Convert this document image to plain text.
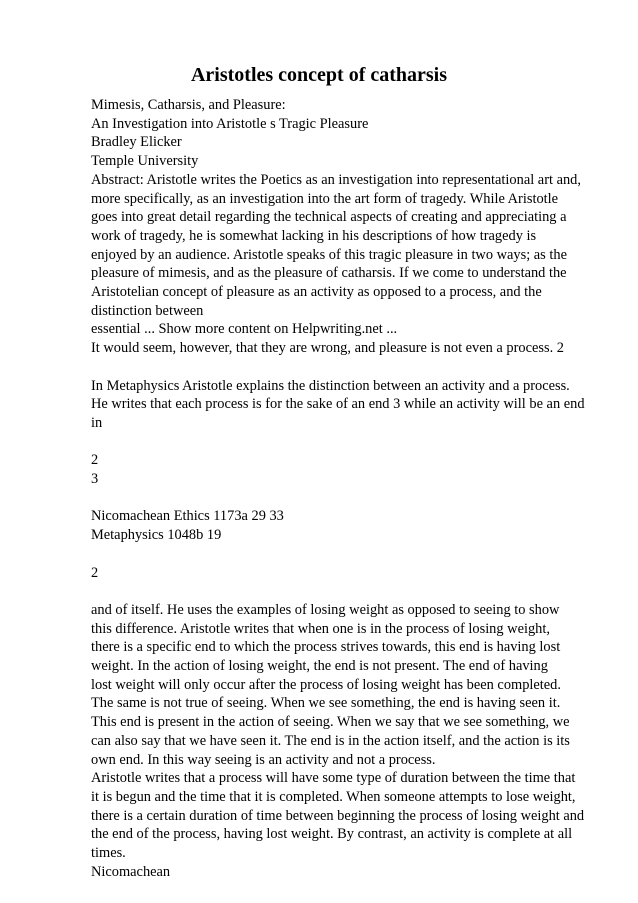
Aristotles concept of catharsis
Mimesis, Catharsis, and Pleasure:
An Investigation into Aristotle s Tragic Pleasure
Bradley Elicker
Temple University
Abstract: Aristotle writes the Poetics as an investigation into representational art and,
more specifically, as an investigation into the art form of tragedy. While Aristotle
goes into great detail regarding the technical aspects of creating and appreciating a
work of tragedy, he is somewhat lacking in his descriptions of how tragedy is
enjoyed by an audience. Aristotle speaks of this tragic pleasure in two ways; as the
pleasure of mimesis, and as the pleasure of catharsis. If we come to understand the
Aristotelian concept of pleasure as an activity as opposed to a process, and the
distinction between
essential ... Show more content on Helpwriting.net ...
It would seem, however, that they are wrong, and pleasure is not even a process. 2
In Metaphysics Aristotle explains the distinction between an activity and a process.
He writes that each process is for the sake of an end 3 while an activity will be an end
in
2
3
Nicomachean Ethics 1173a 29 33
Metaphysics 1048b 19
2
and of itself. He uses the examples of losing weight as opposed to seeing to show
this difference. Aristotle writes that when one is in the process of losing weight,
there is a specific end to which the process strives towards, this end is having lost
weight. In the action of losing weight, the end is not present. The end of having
lost weight will only occur after the process of losing weight has been completed.
The same is not true of seeing. When we see something, the end is having seen it.
This end is present in the action of seeing. When we say that we see something, we
can also say that we have seen it. The end is in the action itself, and the action is its
own end. In this way seeing is an activity and not a process.
Aristotle writes that a process will have some type of duration between the time that
it is begun and the time that it is completed. When someone attempts to lose weight,
there is a certain duration of time between beginning the process of losing weight and
the end of the process, having lost weight. By contrast, an activity is complete at all
times.
Nicomachean
